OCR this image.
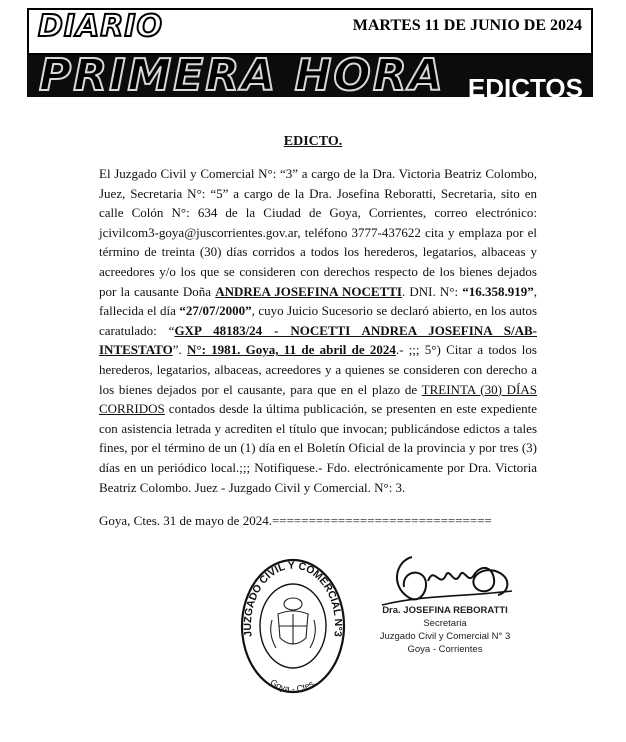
DIARIO	MARTES 11 DE JUNIO DE 2024
PRIMERA HORA EDICTOS
EDICTO.

El Juzgado Civil y Comercial N°: “3” a cargo de la Dra. Victoria Beatriz Colombo, Juez, Secretaria N°: “5” a cargo de la Dra. Josefina Reboratti, Secretaria, sito en calle Colón N°: 634 de la Ciudad de Goya, Corrientes, correo electrónico: jcivilcom3-goya@juscorrientes.gov.ar, teléfono 3777-437622 cita y emplaza por el término de treinta (30) días corridos a todos los herederos, legatarios, albaceas y acreedores y/o los que se consideren con derechos respecto de los bienes dejados por la causante Doña ANDREA JOSEFINA NOCETTI. DNI. N°: “16.358.919”, fallecida el día “27/07/2000”, cuyo Juicio Sucesorio se declaró abierto, en los autos caratulado: “GXP 48183/24 - NOCETTI ANDREA JOSEFINA S/AB-INTESTATO”. N°: 1981. Goya, 11 de abril de 2024.- ;;; 5°) Citar a todos los herederos, legatarios, albaceas, acreedores y a quienes se consideren con derecho a los bienes dejados por el causante, para que en el plazo de TREINTA (30) DÍAS CORRIDOS contados desde la última publicación, se presenten en este expediente con asistencia letrada y acrediten el título que invocan; publicándose edictos a tales fines, por el término de un (1) día en el Boletín Oficial de la provincia y por tres (3) días en un periódico local.;;; Notifiquese.- Fdo. electrónicamente por Dra. Victoria Beatriz Colombo. Juez - Juzgado Civil y Comercial. N°: 3.

Goya, Ctes. 31 de mayo de 2024.==============================
JUZGADO CIVIL Y COMERCIAL N°3
Goya - Ctes.
Dra. JOSEFINA REBORATTI
Secretaria
Juzgado Civil y Comercial N° 3
Goya - Corrientes
